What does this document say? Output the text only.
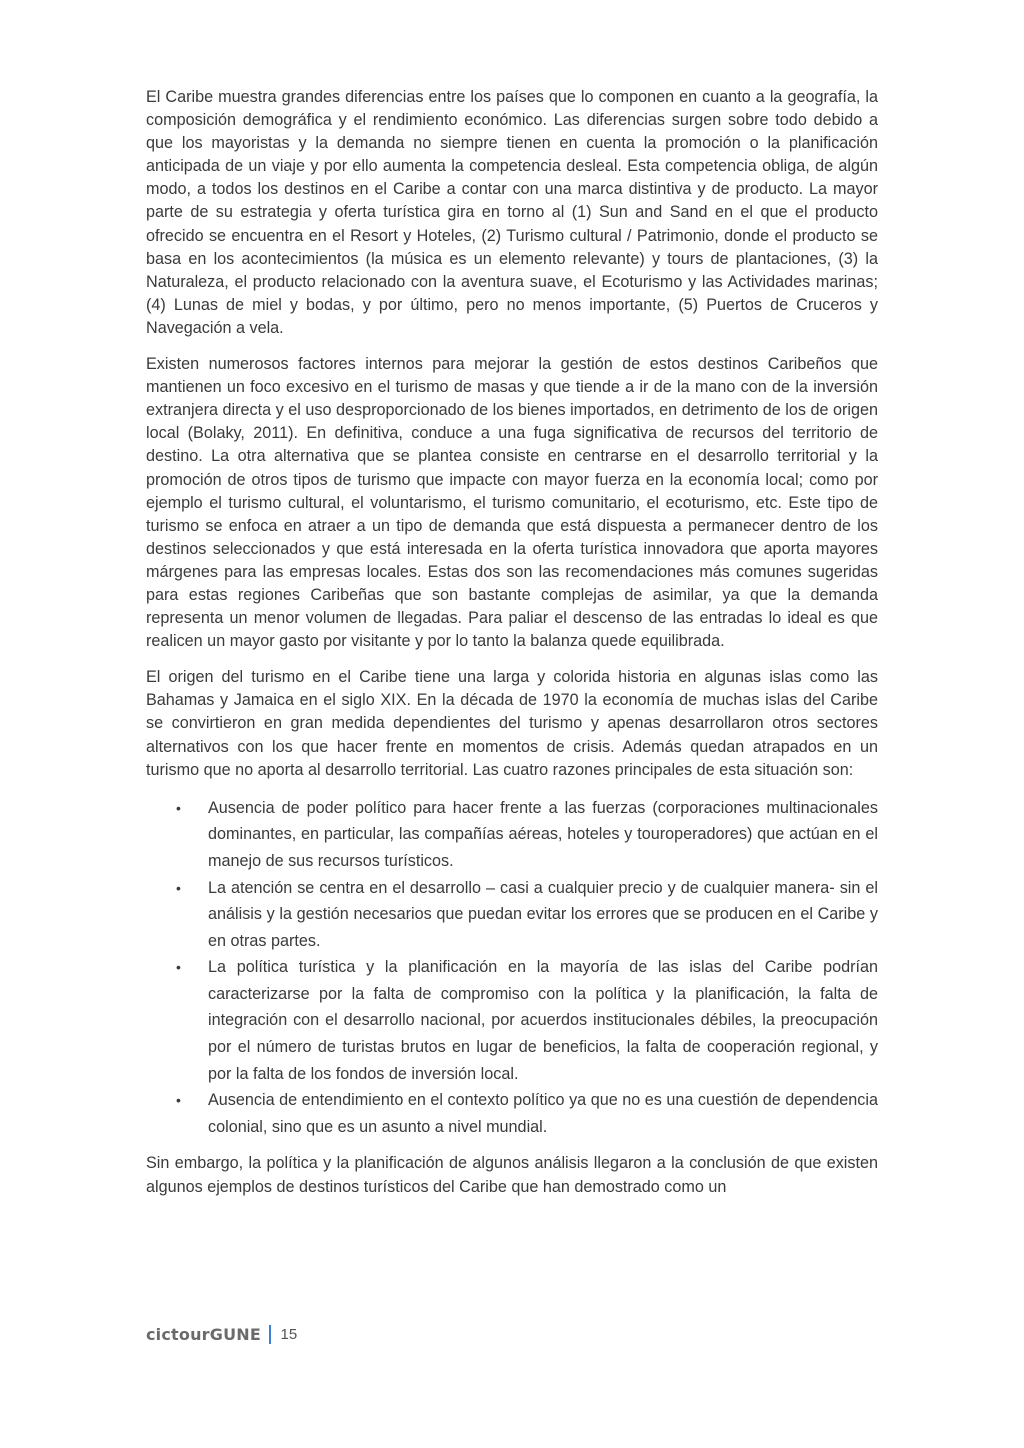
El Caribe muestra grandes diferencias entre los países que lo componen en cuanto a la geografía, la composición demográfica y el rendimiento económico. Las diferencias surgen sobre todo debido a que los mayoristas y la demanda no siempre tienen en cuenta la promoción o la planificación anticipada de un viaje y por ello aumenta la competencia desleal. Esta competencia obliga, de algún modo, a todos los destinos en el Caribe a contar con una marca distintiva y de producto. La mayor parte de su estrategia y oferta turística gira en torno al (1) Sun and Sand en el que el producto ofrecido se encuentra en el Resort y Hoteles, (2) Turismo cultural / Patrimonio, donde el producto se basa en los acontecimientos (la música es un elemento relevante) y tours de plantaciones, (3) la Naturaleza, el producto relacionado con la aventura suave, el Ecoturismo y las Actividades marinas; (4) Lunas de miel y bodas, y por último, pero no menos importante, (5) Puertos de Cruceros y Navegación a vela.

Existen numerosos factores internos para mejorar la gestión de estos destinos Caribeños que mantienen un foco excesivo en el turismo de masas y que tiende a ir de la mano con de la inversión extranjera directa y el uso desproporcionado de los bienes importados, en detrimento de los de origen local (Bolaky, 2011). En definitiva, conduce a una fuga significativa de recursos del territorio de destino. La otra alternativa que se plantea consiste en centrarse en el desarrollo territorial y la promoción de otros tipos de turismo que impacte con mayor fuerza en la economía local; como por ejemplo el turismo cultural, el voluntarismo, el turismo comunitario, el ecoturismo, etc. Este tipo de turismo se enfoca en atraer a un tipo de demanda que está dispuesta a permanecer dentro de los destinos seleccionados y que está interesada en la oferta turística innovadora que aporta mayores márgenes para las empresas locales. Estas dos son las recomendaciones más comunes sugeridas para estas regiones Caribeñas que son bastante complejas de asimilar, ya que la demanda representa un menor volumen de llegadas. Para paliar el descenso de las entradas lo ideal es que realicen un mayor gasto por visitante y por lo tanto la balanza quede equilibrada.

El origen del turismo en el Caribe tiene una larga y colorida historia en algunas islas como las Bahamas y Jamaica en el siglo XIX. En la década de 1970 la economía de muchas islas del Caribe se convirtieron en gran medida dependientes del turismo y apenas desarrollaron otros sectores alternativos con los que hacer frente en momentos de crisis. Además quedan atrapados en un turismo que no aporta al desarrollo territorial. Las cuatro razones principales de esta situación son:

• Ausencia de poder político para hacer frente a las fuerzas (corporaciones multinacionales dominantes, en particular, las compañías aéreas, hoteles y touroperadores) que actúan en el manejo de sus recursos turísticos.
• La atención se centra en el desarrollo – casi a cualquier precio y de cualquier manera- sin el análisis y la gestión necesarios que puedan evitar los errores que se producen en el Caribe y en otras partes.
• La política turística y la planificación en la mayoría de las islas del Caribe podrían caracterizarse por la falta de compromiso con la política y la planificación, la falta de integración con el desarrollo nacional, por acuerdos institucionales débiles, la preocupación por el número de turistas brutos en lugar de beneficios, la falta de cooperación regional, y por la falta de los fondos de inversión local.
• Ausencia de entendimiento en el contexto político ya que no es una cuestión de dependencia colonial, sino que es un asunto a nivel mundial.

Sin embargo, la política y la planificación de algunos análisis llegaron a la conclusión de que existen algunos ejemplos de destinos turísticos del Caribe que han demostrado como un

cictourGUNE 15
